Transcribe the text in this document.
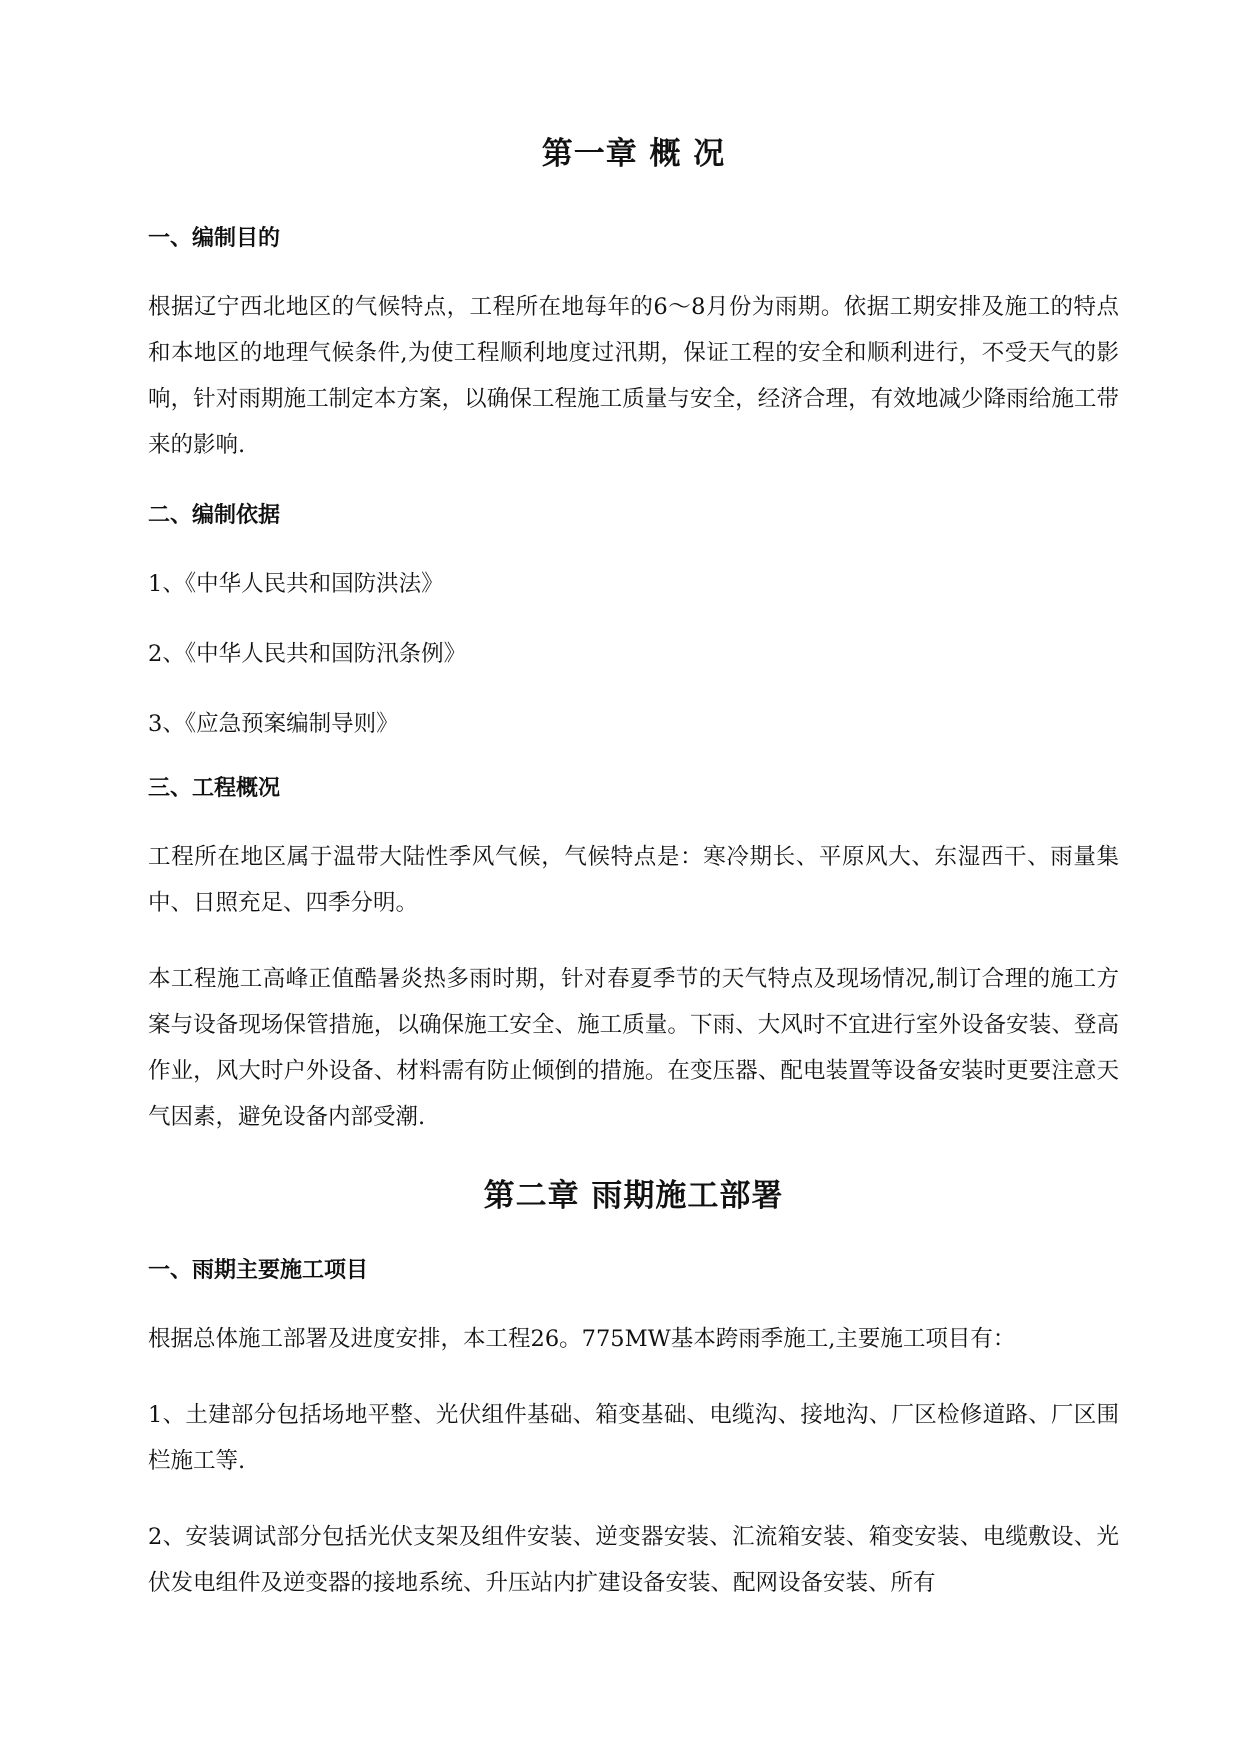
第一章 概 况
一、编制目的

根据辽宁西北地区的气候特点，工程所在地每年的6～8月份为雨期。依据工期安排及施工的特点和本地区的地理气候条件,为使工程顺利地度过汛期，保证工程的安全和顺利进行，不受天气的影响，针对雨期施工制定本方案，以确保工程施工质量与安全，经济合理，有效地减少降雨给施工带来的影响.

二、编制依据

1、《中华人民共和国防洪法》

2、《中华人民共和国防汛条例》

3、《应急预案编制导则》

三、工程概况

工程所在地区属于温带大陆性季风气候，气候特点是：寒冷期长、平原风大、东湿西干、雨量集中、日照充足、四季分明。

本工程施工高峰正值酷暑炎热多雨时期，针对春夏季节的天气特点及现场情况,制订合理的施工方案与设备现场保管措施，以确保施工安全、施工质量。下雨、大风时不宜进行室外设备安装、登高作业，风大时户外设备、材料需有防止倾倒的措施。在变压器、配电装置等设备安装时更要注意天气因素，避免设备内部受潮.

第二章 雨期施工部署
一、雨期主要施工项目

根据总体施工部署及进度安排，本工程26。775MW基本跨雨季施工,主要施工项目有：

1、土建部分包括场地平整、光伏组件基础、箱变基础、电缆沟、接地沟、厂区检修道路、厂区围栏施工等.

2、安装调试部分包括光伏支架及组件安装、逆变器安装、汇流箱安装、箱变安装、电缆敷设、光伏发电组件及逆变器的接地系统、升压站内扩建设备安装、配网设备安装、所有
